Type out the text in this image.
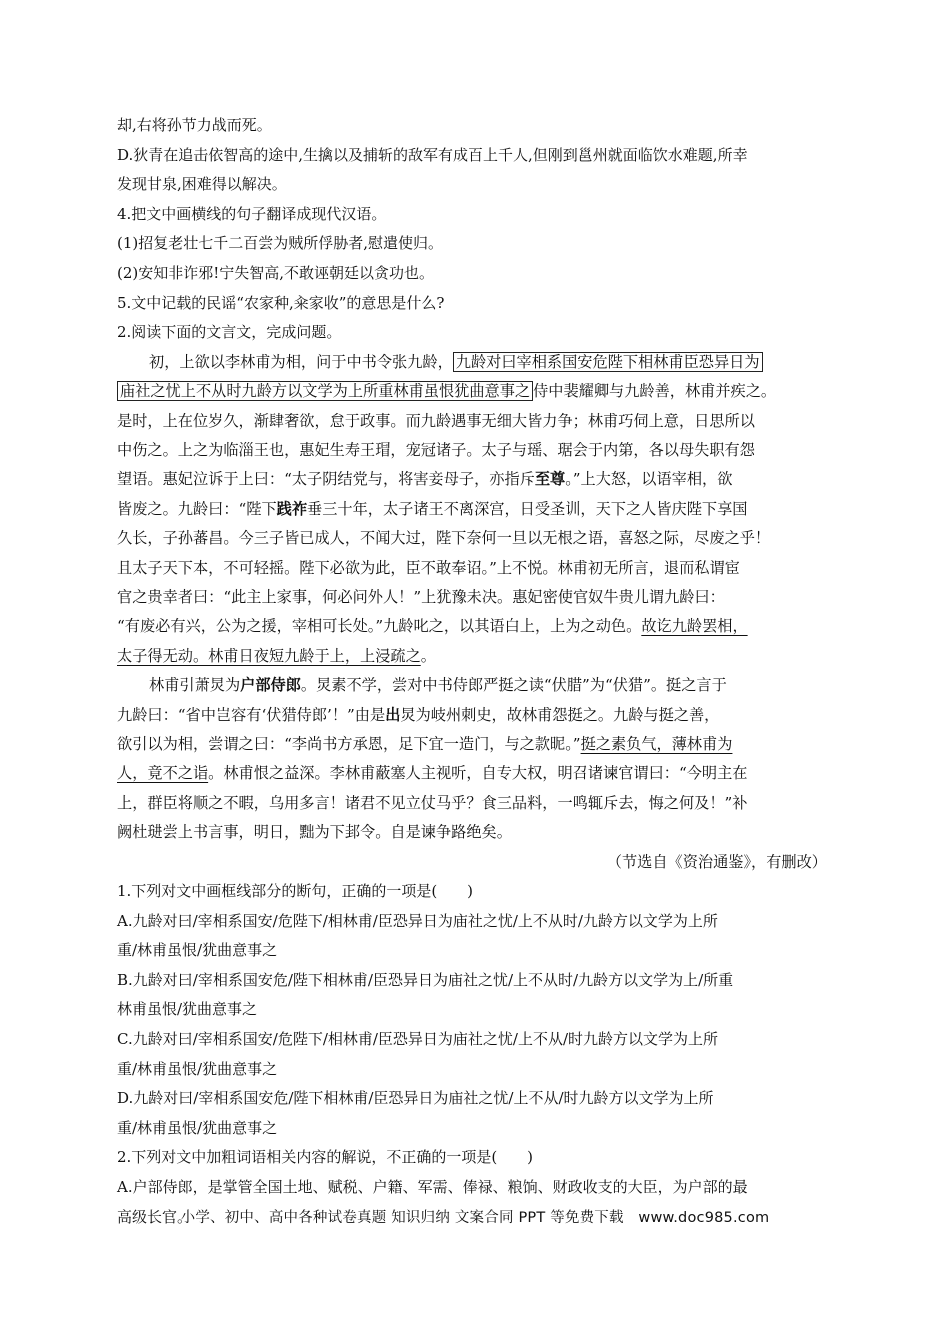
却,右将孙节力战而死。
D.狄青在追击依智高的途中,生擒以及捕斩的敌军有成百上千人,但刚到邕州就面临饮水难题,所幸
发现甘泉,困难得以解决。
4.把文中画横线的句子翻译成现代汉语。
(1)招复老壮七千二百尝为贼所俘胁者,慰遣使归。
(2)安知非诈邪!宁失智高,不敢诬朝廷以贪功也。
5.文中记载的民谣“农家种,籴家收”的意思是什么?
2.阅读下面的文言文，完成问题。
初，上欲以李林甫为相，问于中书令张九龄， 九龄对曰宰相系国安危陛下相林甫臣恐异日为
庙社之忧上不从时九龄方以文学为上所重林甫虽恨犹曲意事之 侍中裴耀卿与九龄善，林甫并疾之。
是时，上在位岁久，渐肆奢欲，怠于政事。而九龄遇事无细大皆力争；林甫巧伺上意，日思所以
中伤之。上之为临淄王也，惠妃生寿王瑁，宠冠诸子。太子与瑶、琚会于内第，各以母失职有怨
望语。惠妃泣诉于上曰：“太子阴结党与，将害妾母子，亦指斥至尊。”上大怒，以语宰相，欲
皆废之。九龄曰：“陛下践祚垂三十年，太子诸王不离深宫，日受圣训，天下之人皆庆陛下享国
久长，子孙蕃昌。今三子皆已成人，不闻大过，陛下奈何一旦以无根之语，喜怒之际，尽废之乎！
且太子天下本，不可轻摇。陛下必欲为此，臣不敢奉诏。”上不悦。林甫初无所言，退而私谓宦
官之贵幸者曰：“此主上家事，何必问外人！”上犹豫未决。惠妃密使官奴牛贵儿谓九龄曰：
“有废必有兴，公为之援，宰相可长处。”九龄叱之，以其语白上，上为之动色。故讫九龄罢相，
太子得无动。林甫日夜短九龄于上，上浸疏之。
林甫引萧炅为户部侍郎。炅素不学，尝对中书侍郎严挺之读“伏腊”为“伏猎”。挺之言于
九龄曰：“省中岂容有‘伏猎侍郎’！”由是出炅为岐州刺史，故林甫怨挺之。九龄与挺之善，
欲引以为相，尝谓之曰：“李尚书方承恩，足下宜一造门，与之款昵。”挺之素负气，薄林甫为
人，竟不之诣。林甫恨之益深。李林甫蔽塞人主视听，自专大权，明召诸谏官谓曰：“今明主在
上，群臣将顺之不暇，乌用多言！诸君不见立仗马乎？食三品料，一鸣辄斥去，悔之何及！”补
阙杜琎尝上书言事，明日，黜为下邽令。自是谏争路绝矣。
（节选自《资治通鉴》，有删改）
1.下列对文中画框线部分的断句，正确的一项是(　　)
A.九龄对曰/宰相系国安/危陛下/相林甫/臣恐异日为庙社之忧/上不从时/九龄方以文学为上所
重/林甫虽恨/犹曲意事之
B.九龄对曰/宰相系国安危/陛下相林甫/臣恐异日为庙社之忧/上不从时/九龄方以文学为上/所重
林甫虽恨/犹曲意事之
C.九龄对曰/宰相系国安/危陛下/相林甫/臣恐异日为庙社之忧/上不从/时九龄方以文学为上所
重/林甫虽恨/犹曲意事之
D.九龄对曰/宰相系国安危/陛下相林甫/臣恐异日为庙社之忧/上不从/时九龄方以文学为上所
重/林甫虽恨/犹曲意事之
2.下列对文中加粗词语相关内容的解说，不正确的一项是(　　)
A.户部侍郎，是掌管全国土地、赋税、户籍、军需、俸禄、粮饷、财政收支的大臣，为户部的最
高级长官。
小学、初中、高中各种试卷真题 知识归纳 文案合同 PPT 等免费下载　www.doc985.com
